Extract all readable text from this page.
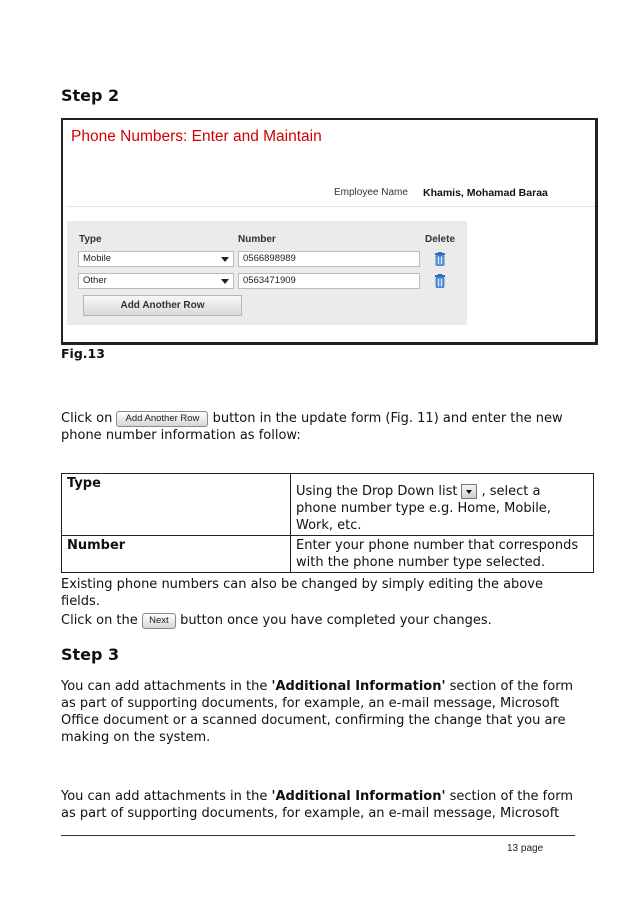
Step 2
Phone Numbers: Enter and Maintain
Employee Name Khamis, Mohamad Baraa
Type	Number	Delete
Mobile	0566898989
Other	0563471909
Add Another Row
Fig.13
Click on Add Another Row button in the update form (Fig. 11) and enter the new
phone number information as follow:
Type	Using the Drop Down list , select a
phone number type e.g. Home, Mobile,
Work, etc.

Number	Enter your phone number that corresponds
with the phone number type selected.
Existing phone numbers can also be changed by simply editing the above
fields.
Click on the Next button once you have completed your changes.
Step 3
You can add attachments in the 'Additional Information' section of the form
as part of supporting documents, for example, an e-mail message, Microsoft
Office document or a scanned document, confirming the change that you are
making on the system.
You can add attachments in the 'Additional Information' section of the form
as part of supporting documents, for example, an e-mail message, Microsoft
13 page
